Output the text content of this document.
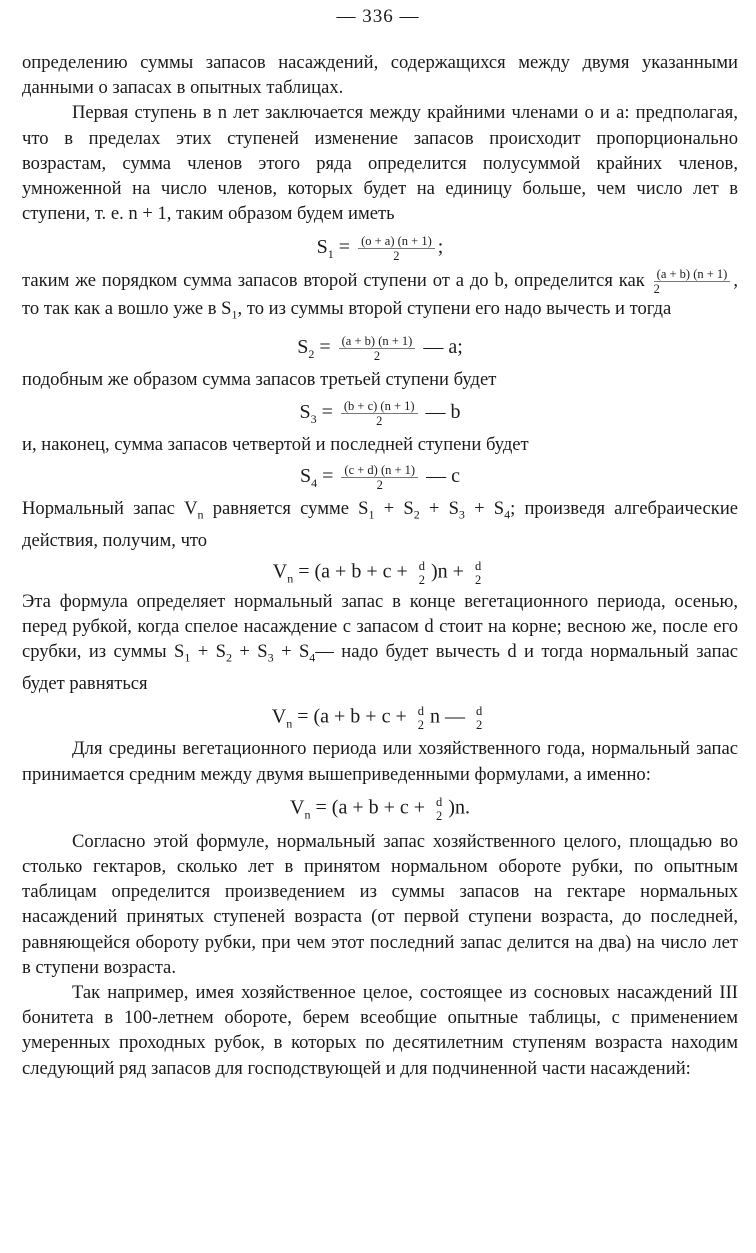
— 336 —

определению суммы запасов насаждений, содержащихся между двумя указанными данными о запасах в опытных таблицах.

Первая ступень в n лет заключается между крайними членами о и a: предполагая, что в пределах этих ступеней изменение запасов происходит пропорционально возрастам, сумма членов этого ряда определится полусуммой крайних членов, умноженной на число членов, которых будет на единицу больше, чем число лет в ступени, т. е. n + 1, таким образом будем иметь

$S_1 = \frac{(o + a) (n + 1)}{2}$ ;

таким же порядком сумма запасов второй ступени от a до b, определится как $\frac{(a + b) (n + 1)}{2}$ , то так как a вошло уже в $S_1$, то из суммы второй ступени его надо вычесть и тогда

$S_2 = \frac{(a + b) (n + 1)}{2}$ — a;

подобным же образом сумма запасов третьей ступени будет

$S_3 = \frac{(b + c) (n + 1)}{2}$ — b

и, наконец, сумма запасов четвертой и последней ступени будет

$S_4 = \frac{(c + d) (n + 1)}{2}$ — c

Нормальный запас $V_n$ равняется сумме $S_1 + S_2 + S_3 + S_4$; произведя алгебраические действия, получим, что

$V_n = (a + b + c + d$
2 )n + d
2

Эта формула определяет нормальный запас в конце вегетационного периода, осенью, перед рубкой, когда спелое насаждение с запасом d стоит на корне; весною же, после его срубки, из суммы $S_1 + S_2 + S_3$ + $S_4—$ надо будет вычесть d и тогда нормальный запас будет равняться

$V_n = (a + b + c + d$
2 n — d
2

Для средины вегетационного периода или хозяйственного года, нормальный запас принимается средним между двумя вышеприведенными формулами, а именно:

$V_n = (a + b + c + d$
2 )n.

Согласно этой формуле, нормальный запас хозяйственного целого, площадью во столько гектаров, сколько лет в принятом нормальном обороте рубки, по опытным таблицам определится произведением из суммы запасов на гектаре нормальных насаждений принятых ступеней возраста (от первой ступени возраста, до последней, равняющейся обороту рубки, при чем этот последний запас делится на два) на число лет в ступени возраста.

Так например, имея хозяйственное целое, состоящее из сосновых насаждений III бонитета в 100-летнем обороте, берем всеобщие опытные таблицы, с применением умеренных проходных рубок, в которых по десятилетним ступеням возраста находим следующий ряд запасов для господствующей и для подчиненной части насаждений:
